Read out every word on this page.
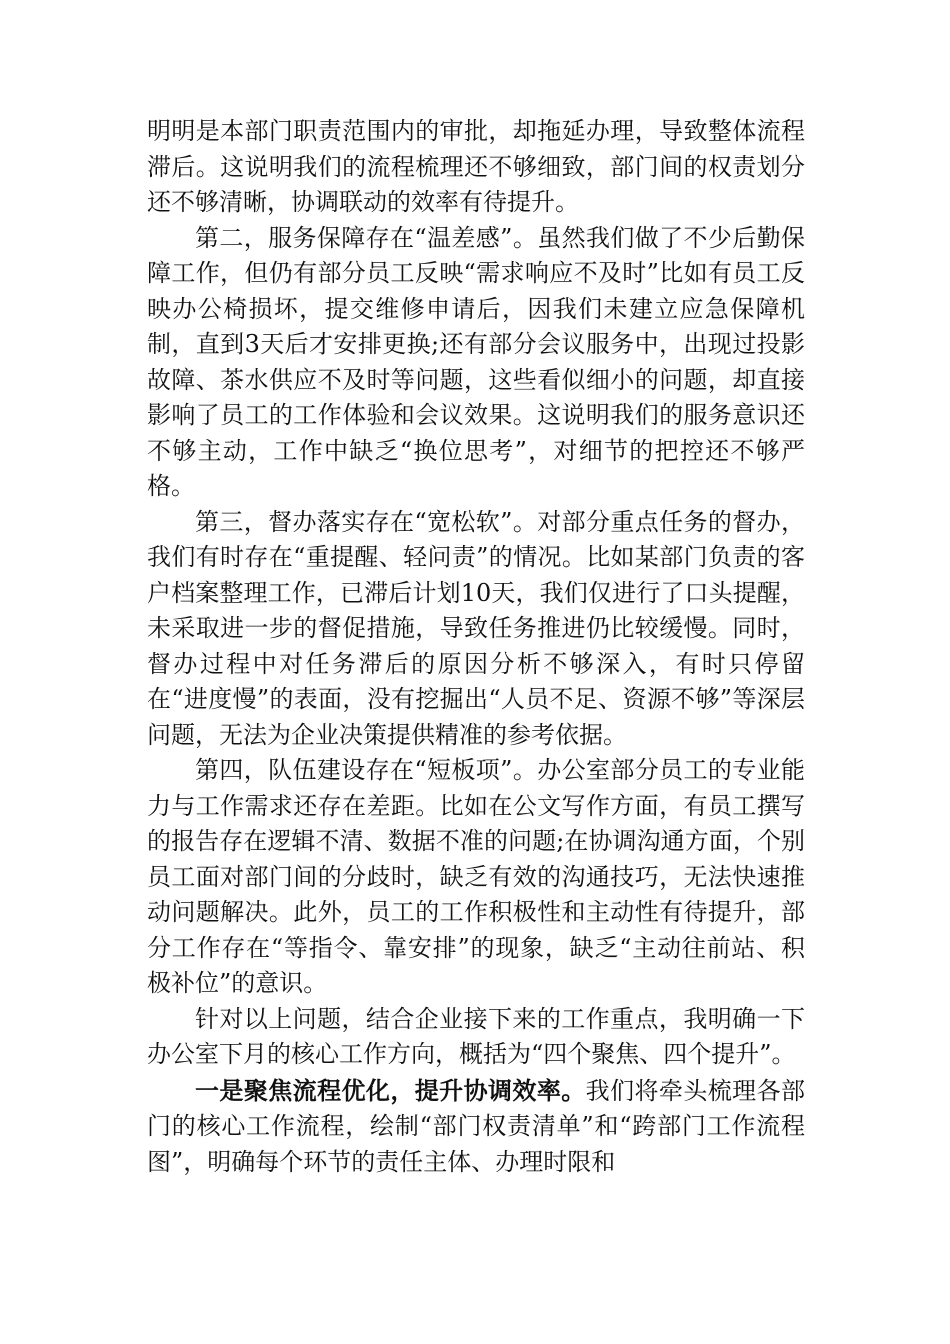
明明是本部门职责范围内的审批，却拖延办理，导致整体流程滞后。这说明我们的流程梳理还不够细致，部门间的权责划分还不够清晰，协调联动的效率有待提升。

第二，服务保障存在“温差感”。虽然我们做了不少后勤保障工作，但仍有部分员工反映“需求响应不及时”比如有员工反映办公椅损坏，提交维修申请后，因我们未建立应急保障机制，直到3天后才安排更换;还有部分会议服务中，出现过投影故障、茶水供应不及时等问题，这些看似细小的问题，却直接影响了员工的工作体验和会议效果。这说明我们的服务意识还不够主动，工作中缺乏“换位思考”，对细节的把控还不够严格。

第三，督办落实存在“宽松软”。对部分重点任务的督办，我们有时存在“重提醒、轻问责”的情况。比如某部门负责的客户档案整理工作，已滞后计划10天，我们仅进行了口头提醒，未采取进一步的督促措施，导致任务推进仍比较缓慢。同时，督办过程中对任务滞后的原因分析不够深入，有时只停留在“进度慢”的表面，没有挖掘出“人员不足、资源不够”等深层问题，无法为企业决策提供精准的参考依据。

第四，队伍建设存在“短板项”。办公室部分员工的专业能力与工作需求还存在差距。比如在公文写作方面，有员工撰写的报告存在逻辑不清、数据不准的问题;在协调沟通方面，个别员工面对部门间的分歧时，缺乏有效的沟通技巧，无法快速推动问题解决。此外，员工的工作积极性和主动性有待提升，部分工作存在“等指令、靠安排”的现象，缺乏“主动往前站、积极补位”的意识。

针对以上问题，结合企业接下来的工作重点，我明确一下办公室下月的核心工作方向，概括为“四个聚焦、四个提升”。

一是聚焦流程优化，提升协调效率。我们将牵头梳理各部门的核心工作流程，绘制“部门权责清单”和“跨部门工作流程图”，明确每个环节的责任主体、办理时限和
